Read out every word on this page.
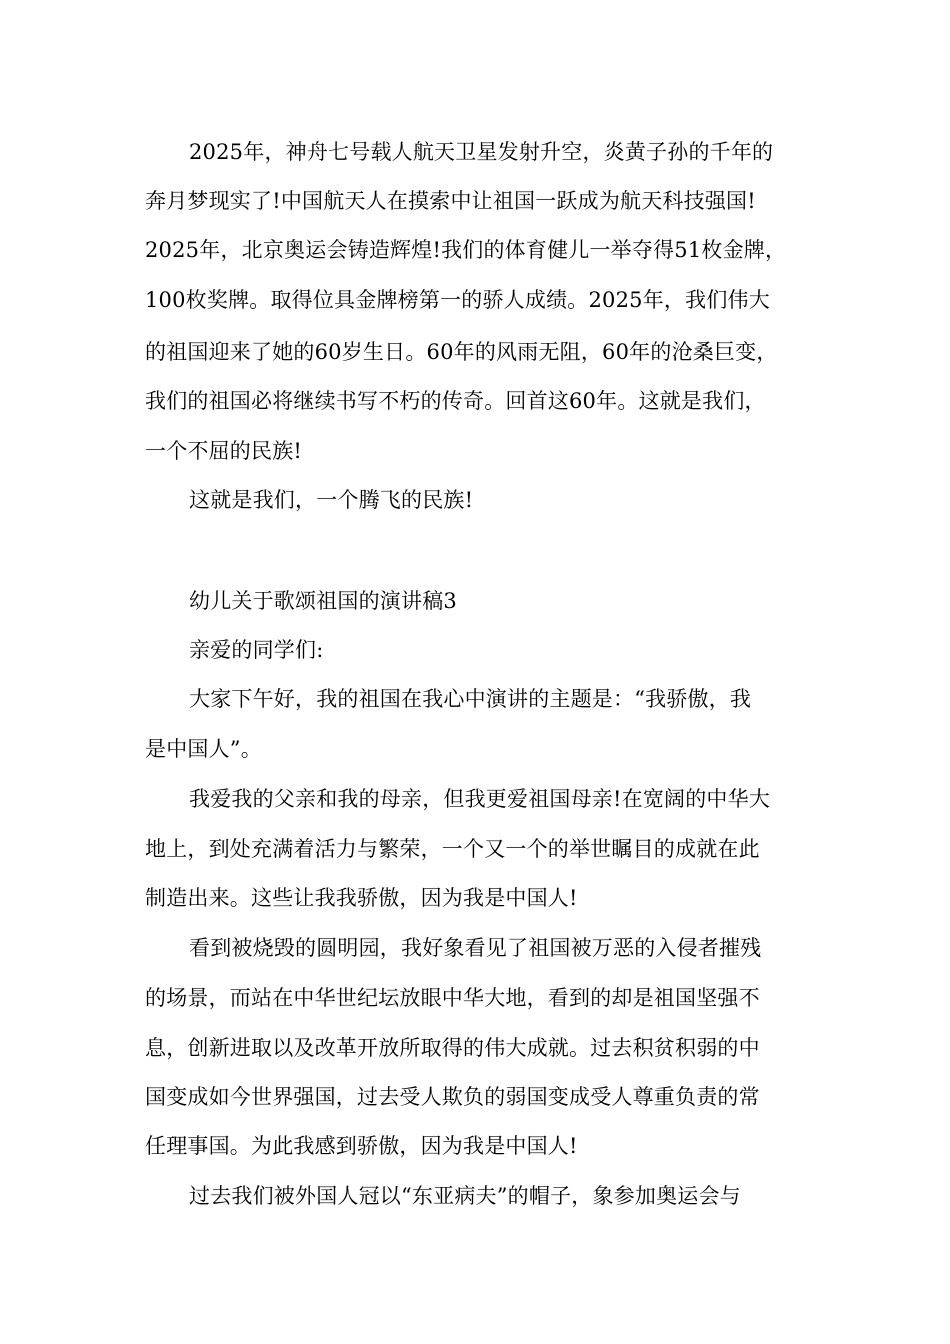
2025年，神舟七号载人航天卫星发射升空，炎黄子孙的千年的
奔月梦现实了!中国航天人在摸索中让祖国一跃成为航天科技强国!
2025年，北京奥运会铸造辉煌!我们的体育健儿一举夺得51枚金牌，
100枚奖牌。取得位具金牌榜第一的骄人成绩。2025年，我们伟大
的祖国迎来了她的60岁生日。60年的风雨无阻，60年的沧桑巨变，
我们的祖国必将继续书写不朽的传奇。回首这60年。这就是我们，
一个不屈的民族!
这就是我们，一个腾飞的民族!
幼儿关于歌颂祖国的演讲稿3
亲爱的同学们:
大家下午好，我的祖国在我心中演讲的主题是：“我骄傲，我
是中国人”。
我爱我的父亲和我的母亲，但我更爱祖国母亲!在宽阔的中华大
地上，到处充满着活力与繁荣，一个又一个的举世瞩目的成就在此
制造出来。这些让我我骄傲，因为我是中国人!
看到被烧毁的圆明园，我好象看见了祖国被万恶的入侵者摧残
的场景，而站在中华世纪坛放眼中华大地，看到的却是祖国坚强不
息，创新进取以及改革开放所取得的伟大成就。过去积贫积弱的中
国变成如今世界强国，过去受人欺负的弱国变成受人尊重负责的常
任理事国。为此我感到骄傲，因为我是中国人!
过去我们被外国人冠以“东亚病夫”的帽子，象参加奥运会与
